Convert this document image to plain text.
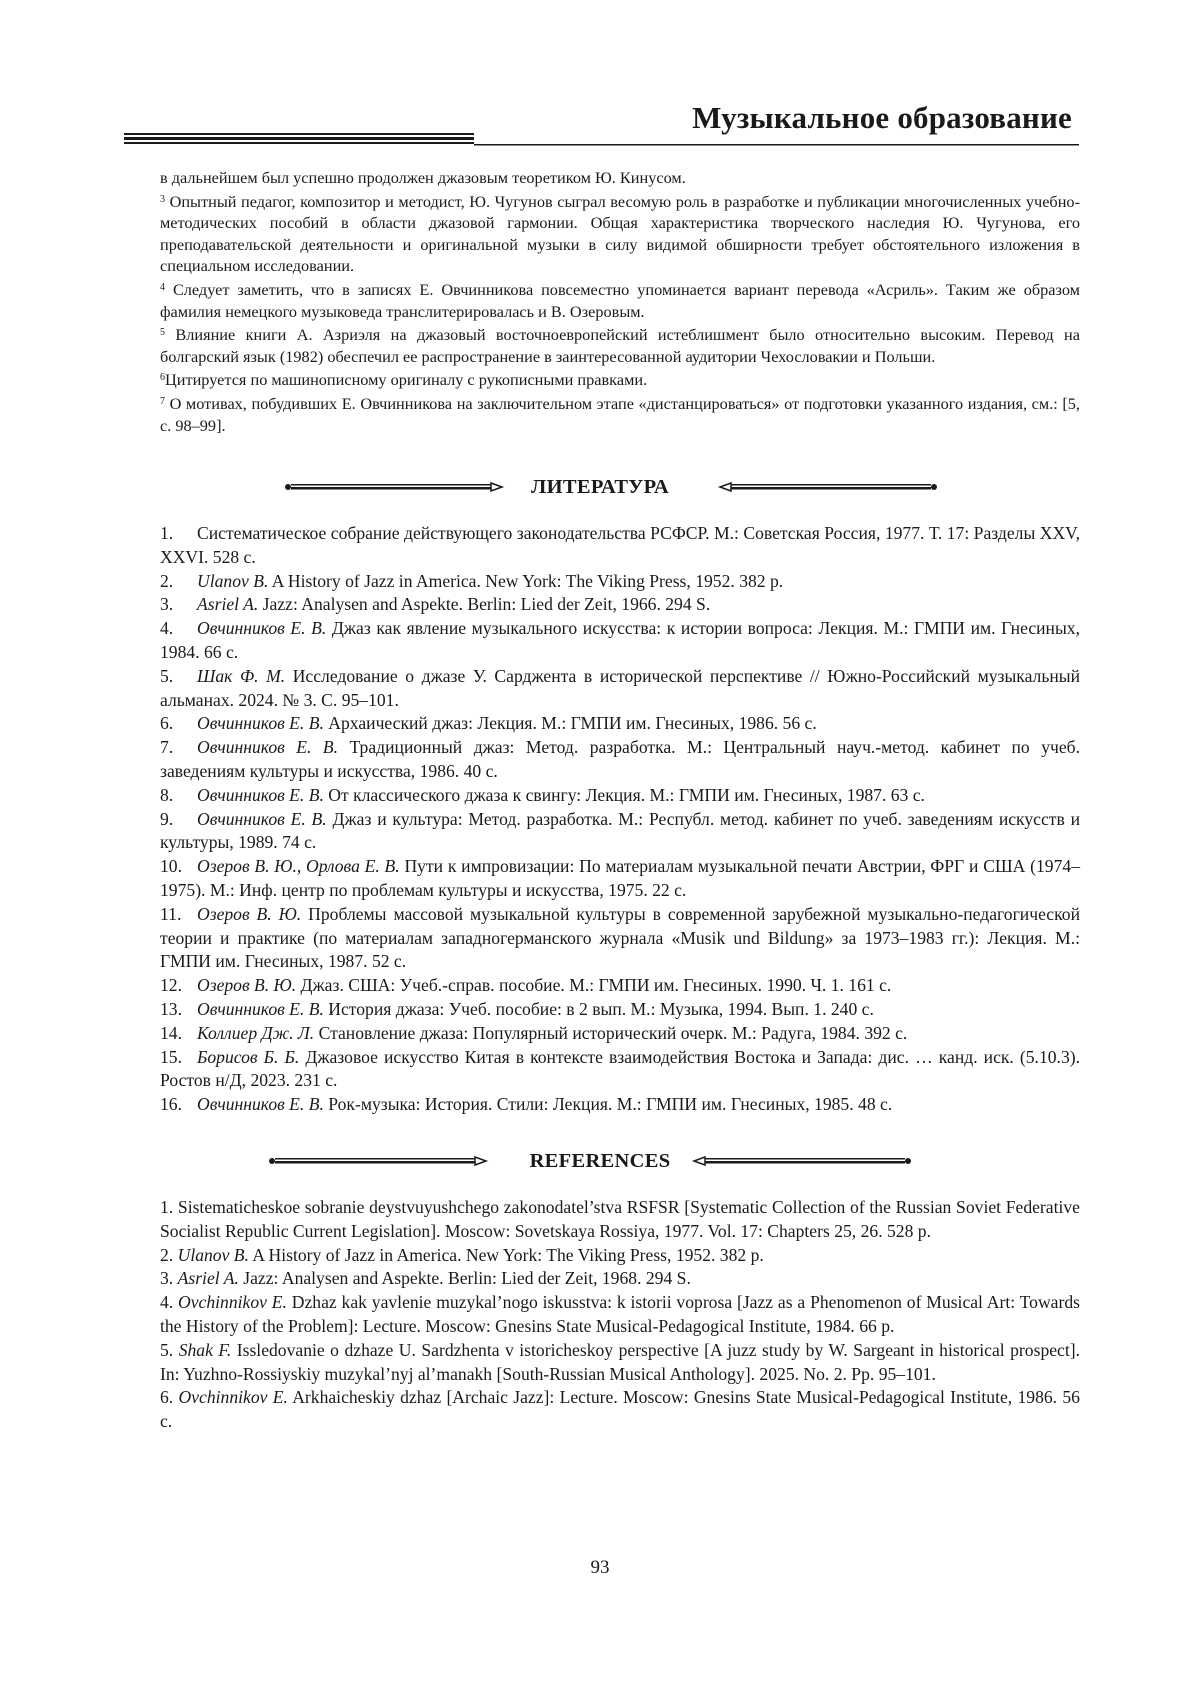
Музыкальное образование

в дальнейшем был успешно продолжен джазовым теоретиком Ю. Кинусом.

$^3$ Опытный педагог, композитор и методист, Ю. Чугунов сыграл весомую роль в разработке и публикации многочисленных учебно-методических пособий в области джазовой гармонии. Общая характеристика творческого наследия Ю. Чугунова, его преподавательской деятельности и оригинальной музыки в силу видимой обширности требует обстоятельного изложения в специальном исследовании.

$^4$ Следует заметить, что в записях Е. Овчинникова повсеместно упоминается вариант перевода «Асриль». Таким же образом фамилия немецкого музыковеда транслитерировалась и В. Озеровым.

$^5$ Влияние книги А. Азриэля на джазовый восточноевропейский истеблишмент было относительно высоким. Перевод на болгарский язык (1982) обеспечил ее распространение в заинтересованной аудитории Чехословакии и Польши.

$^6$Цитируется по машинописному оригиналу с рукописными правками.

$^7$ О мотивах, побудивших Е. Овчинникова на заключительном этапе «дистанцироваться» от подготовки указанного издания, см.: [5, с. 98–99].

ЛИТЕРАТУРА

1. Систематическое собрание действующего законодательства РСФСР. М.: Советская Россия, 1977. Т. 17: Разделы XXV, XXVI. 528 с.

2. Ulanov B. A History of Jazz in America. New York: The Viking Press, 1952. 382 p.

3. Asriel A. Jazz: Analysen and Aspekte. Berlin: Lied der Zeit, 1966. 294 S.

4. Овчинников Е. В. Джаз как явление музыкального искусства: к истории вопроса: Лекция. М.: ГМПИ им. Гнесиных, 1984. 66 с.

5. Шак Ф. М. Исследование о джазе У. Сарджента в исторической перспективе // Южно-Российский музыкальный альманах. 2024. № 3. С. 95–101.

6. Овчинников Е. В. Архаический джаз: Лекция. М.: ГМПИ им. Гнесиных, 1986. 56 с.

7. Овчинников Е. В. Традиционный джаз: Метод. разработка. М.: Центральный науч.-метод. кабинет по учеб. заведениям культуры и искусства, 1986. 40 с.

8. Овчинников Е. В. От классического джаза к свингу: Лекция. М.: ГМПИ им. Гнесиных, 1987. 63 с.

9. Овчинников Е. В. Джаз и культура: Метод. разработка. М.: Республ. метод. кабинет по учеб. заведениям искусств и культуры, 1989. 74 с.

10. Озеров В. Ю., Орлова Е. В. Пути к импровизации: По материалам музыкальной печати Австрии, ФРГ и США (1974–1975). М.: Инф. центр по проблемам культуры и искусства, 1975. 22 с.

11. Озеров В. Ю. Проблемы массовой музыкальной культуры в современной зарубежной музыкально-педагогической теории и практике (по материалам западногерманского журнала «Musik und Bildung» за 1973–1983 гг.): Лекция. М.: ГМПИ им. Гнесиных, 1987. 52 с.

12. Озеров В. Ю. Джаз. США: Учеб.-справ. пособие. М.: ГМПИ им. Гнесиных. 1990. Ч. 1. 161 с.

13. Овчинников Е. В. История джаза: Учеб. пособие: в 2 вып. М.: Музыка, 1994. Вып. 1. 240 с.

14. Коллиер Дж. Л. Становление джаза: Популярный исторический очерк. М.: Радуга, 1984. 392 с.

15. Борисов Б. Б. Джазовое искусство Китая в контексте взаимодействия Востока и Запада: дис. … канд. иск. (5.10.3). Ростов н/Д, 2023. 231 с.

16. Овчинников Е. В. Рок-музыка: История. Стили: Лекция. М.: ГМПИ им. Гнесиных, 1985. 48 с.

REFERENCES

1. Sistematicheskoe sobranie deystvuyushchego zakonodatel’stva RSFSR [Systematic Collection of the Russian Soviet Federative Socialist Republic Current Legislation]. Moscow: Sovetskaya Rossiya, 1977. Vol. 17: Chapters 25, 26. 528 p.

2. Ulanov B. A History of Jazz in America. New York: The Viking Press, 1952. 382 p.

3. Asriel A. Jazz: Analysen and Aspekte. Berlin: Lied der Zeit, 1968. 294 S.

4. Ovchinnikov E. Dzhaz kak yavlenie muzykal’nogo iskusstva: k istorii voprosa [Jazz as a Phenomenon of Musical Art: Towards the History of the Problem]: Lecture. Moscow: Gnesins State Musical-Pedagogical Institute, 1984. 66 p.

5. Shak F. Issledovanie o dzhaze U. Sardzhenta v istoricheskoy perspective [A juzz study by W. Sargeant in historical prospect]. In: Yuzhno-Rossiyskiy muzykal’nyj al’manakh [South-Russian Musical Anthology]. 2025. No. 2. Pp. 95–101.

6. Ovchinnikov E. Arkhaicheskiy dzhaz [Archaic Jazz]: Lecture. Moscow: Gnesins State Musical-Pedagogical Institute, 1986. 56 c.

93
